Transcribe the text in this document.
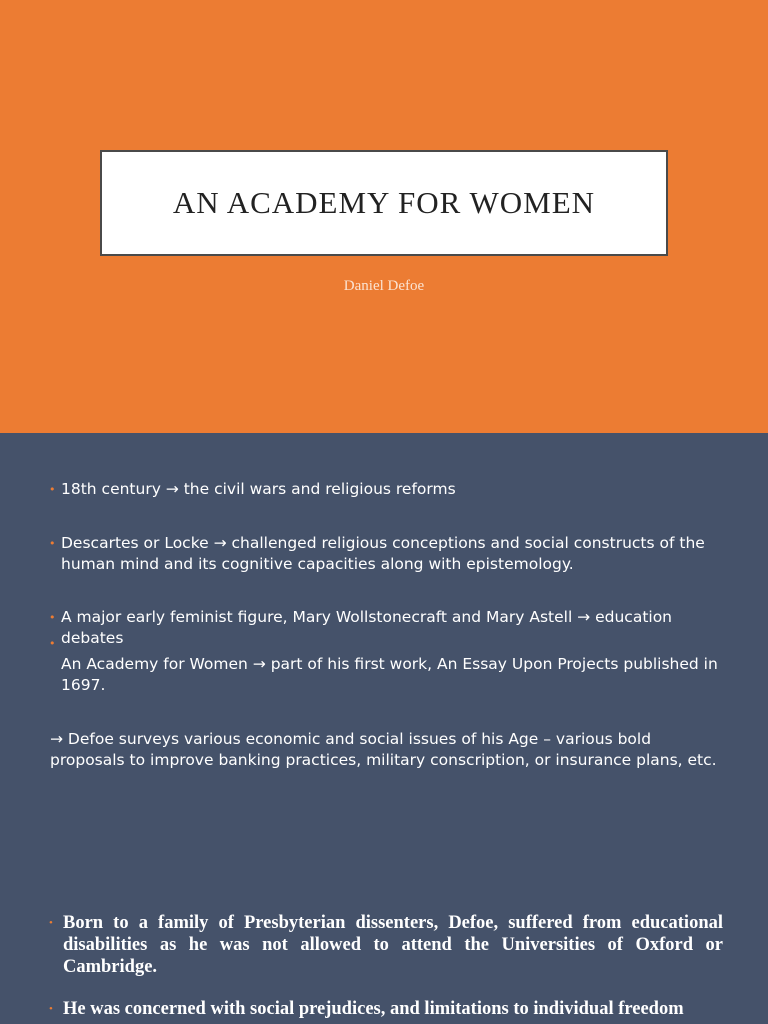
AN ACADEMY FOR WOMEN
Daniel Defoe
• 18th century → the civil wars and religious reforms
• Descartes or Locke → challenged religious conceptions and social constructs of the human mind and its cognitive capacities along with epistemology.
• A major early feminist figure, Mary Wollstonecraft and Mary Astell → education debates
•
An Academy for Women → part of his first work, An Essay Upon Projects published in 1697.
→ Defoe surveys various economic and social issues of his Age – various bold proposals to improve banking practices, military conscription, or insurance plans, etc.
• Born to a family of Presbyterian dissenters, Defoe, suffered from educational disabilities as he was not allowed to attend the Universities of Oxford or Cambridge.
• He was concerned with social prejudices, and limitations to individual freedom
